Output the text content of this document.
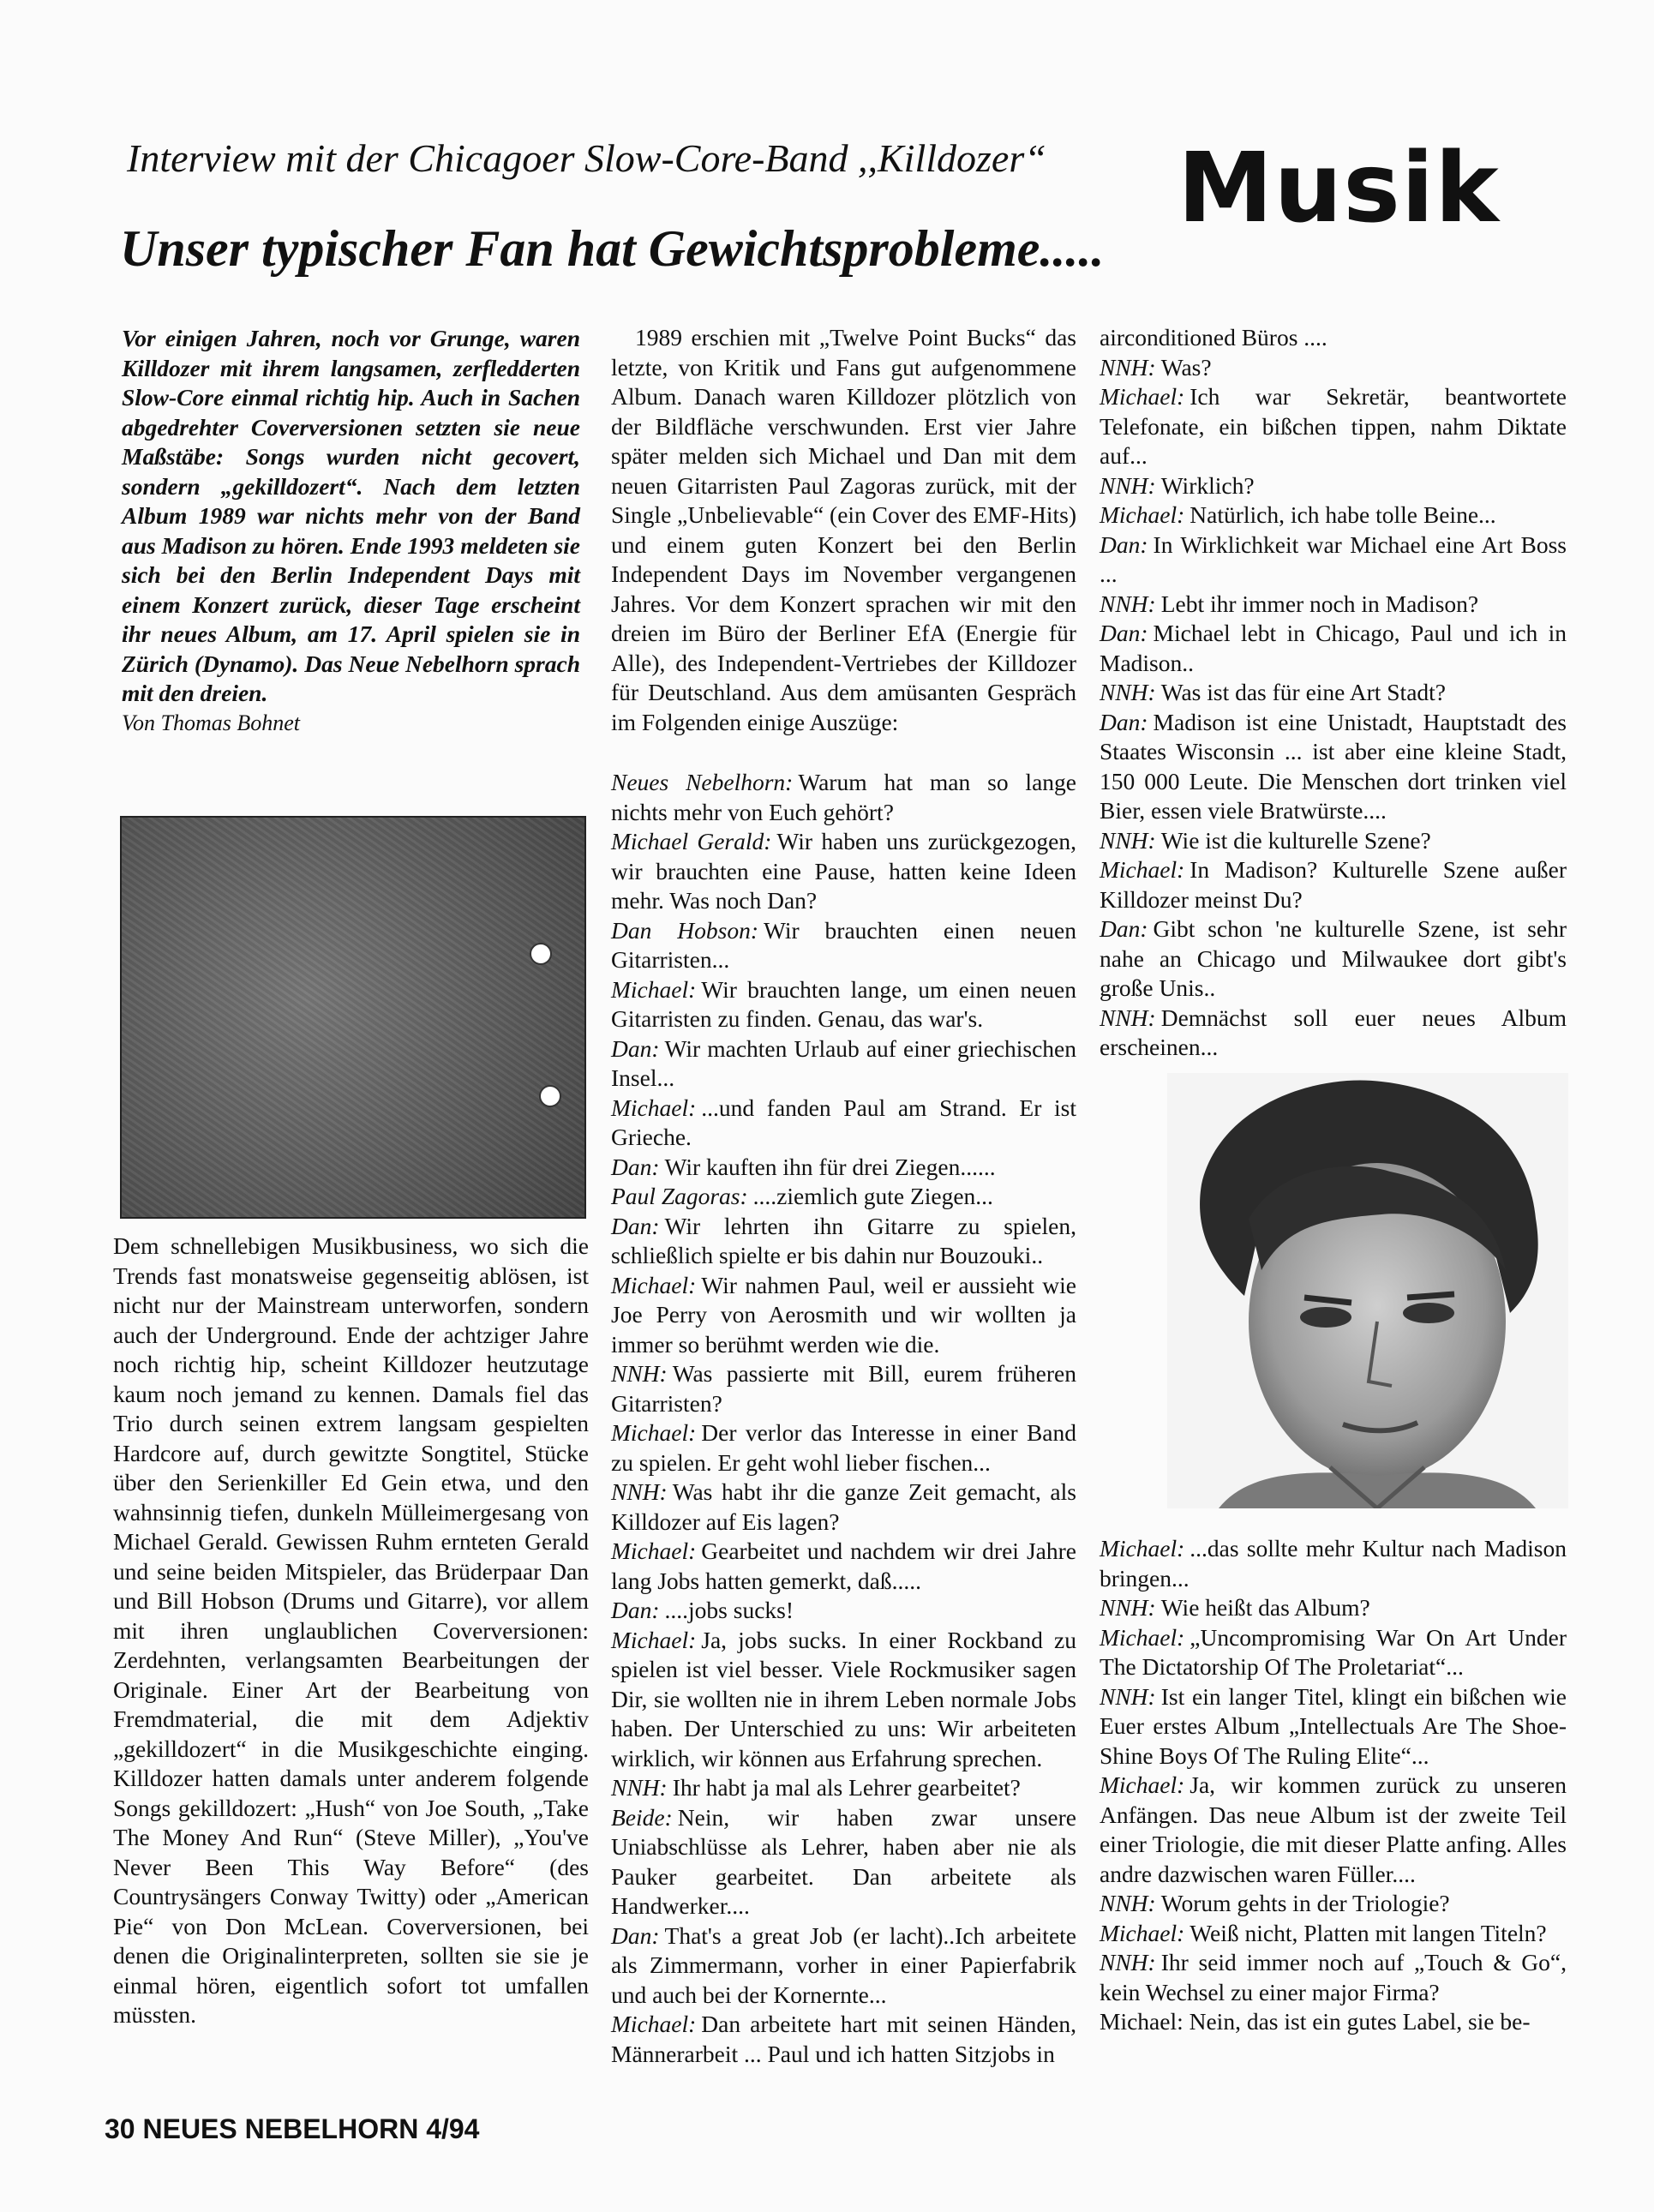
Interview mit der Chicagoer Slow-Core-Band ,,Killdozer“
Unser typischer Fan hat Gewichtsprobleme.....
Musik

Vor einigen Jahren, noch vor Grunge, waren Killdozer mit ihrem langsamen, zerfledderten Slow-Core einmal richtig hip. Auch in Sachen abgedrehter Coverversionen setzten sie neue Maßstäbe: Songs wurden nicht gecovert, sondern „gekilldozert“. Nach dem letzten Album 1989 war nichts mehr von der Band aus Madison zu hören. Ende 1993 meldeten sie sich bei den Berlin Independent Days mit einem Konzert zurück, dieser Tage erscheint ihr neues Album, am 17. April spielen sie in Zürich (Dynamo). Das Neue Nebelhorn sprach mit den dreien.

Von Thomas Bohnet

Dem schnellebigen Musikbusiness, wo sich die Trends fast monatsweise gegenseitig ablösen, ist nicht nur der Mainstream unterworfen, sondern auch der Underground. Ende der achtziger Jahre noch richtig hip, scheint Killdozer heutzutage kaum noch jemand zu kennen. Damals fiel das Trio durch seinen extrem langsam gespielten Hardcore auf, durch gewitzte Songtitel, Stücke über den Serienkiller Ed Gein etwa, und den wahnsinnig tiefen, dunkeln Mülleimergesang von Michael Gerald. Gewissen Ruhm ernteten Gerald und seine beiden Mitspieler, das Brüderpaar Dan und Bill Hobson (Drums und Gitarre), vor allem mit ihren unglaublichen Coverversionen: Zerdehnten, verlangsamten Bearbeitungen der Originale. Einer Art der Bearbeitung von Fremdmaterial, die mit dem Adjektiv „gekilldozert“ in die Musikgeschichte einging. Killdozer hatten damals unter anderem folgende Songs gekilldozert: „Hush“ von Joe South, „Take The Money And Run“ (Steve Miller), „You've Never Been This Way Before“ (des Countrysängers Conway Twitty) oder „American Pie“ von Don McLean. Coverversionen, bei denen die Originalinterpreten, sollten sie sie je einmal hören, eigentlich sofort tot umfallen müssten.

1989 erschien mit „Twelve Point Bucks“ das letzte, von Kritik und Fans gut aufgenommene Album. Danach waren Killdozer plötzlich von der Bildfläche verschwunden. Erst vier Jahre später melden sich Michael und Dan mit dem neuen Gitarristen Paul Zagoras zurück, mit der Single „Unbelievable“ (ein Cover des EMF-Hits) und einem guten Konzert bei den Berlin Independent Days im November vergangenen Jahres. Vor dem Konzert sprachen wir mit den dreien im Büro der Berliner EfA (Energie für Alle), des Independent-Vertriebes der Killdozer für Deutschland. Aus dem amüsanten Gespräch im Folgenden einige Auszüge:

Neues Nebelhorn: Warum hat man so lange nichts mehr von Euch gehört?

Michael Gerald: Wir haben uns zurückgezogen, wir brauchten eine Pause, hatten keine Ideen mehr. Was noch Dan?

Dan Hobson: Wir brauchten einen neuen Gitarristen...

Michael: Wir brauchten lange, um einen neuen Gitarristen zu finden. Genau, das war's.

Dan: Wir machten Urlaub auf einer griechischen Insel...

Michael: ...und fanden Paul am Strand. Er ist Grieche.

Dan: Wir kauften ihn für drei Ziegen......

Paul Zagoras: ....ziemlich gute Ziegen...

Dan: Wir lehrten ihn Gitarre zu spielen, schließlich spielte er bis dahin nur Bouzouki..

Michael: Wir nahmen Paul, weil er aussieht wie Joe Perry von Aerosmith und wir wollten ja immer so berühmt werden wie die.

NNH: Was passierte mit Bill, eurem früheren Gitarristen?

Michael: Der verlor das Interesse in einer Band zu spielen. Er geht wohl lieber fischen...

NNH: Was habt ihr die ganze Zeit gemacht, als Killdozer auf Eis lagen?

Michael: Gearbeitet und nachdem wir drei Jahre lang Jobs hatten gemerkt, daß.....

Dan: ....jobs sucks!

Michael: Ja, jobs sucks. In einer Rockband zu spielen ist viel besser. Viele Rockmusiker sagen Dir, sie wollten nie in ihrem Leben normale Jobs haben. Der Unterschied zu uns: Wir arbeiteten wirklich, wir können aus Erfahrung sprechen.

NNH: Ihr habt ja mal als Lehrer gearbeitet?

Beide: Nein, wir haben zwar unsere Uniabschlüsse als Lehrer, haben aber nie als Pauker gearbeitet. Dan arbeitete als Handwerker....

Dan: That's a great Job (er lacht)..Ich arbeitete als Zimmermann, vorher in einer Papierfabrik und auch bei der Kornernte...

Michael: Dan arbeitete hart mit seinen Händen, Männerarbeit ... Paul und ich hatten Sitzjobs in

airconditioned Büros ....

NNH: Was?

Michael: Ich war Sekretär, beantwortete Telefonate, ein bißchen tippen, nahm Diktate auf...

NNH: Wirklich?

Michael: Natürlich, ich habe tolle Beine...

Dan: In Wirklichkeit war Michael eine Art Boss ...

NNH: Lebt ihr immer noch in Madison?

Dan: Michael lebt in Chicago, Paul und ich in Madison..

NNH: Was ist das für eine Art Stadt?

Dan: Madison ist eine Unistadt, Hauptstadt des Staates Wisconsin ... ist aber eine kleine Stadt, 150 000 Leute. Die Menschen dort trinken viel Bier, essen viele Bratwürste....

NNH: Wie ist die kulturelle Szene?

Michael: In Madison? Kulturelle Szene außer Killdozer meinst Du?

Dan: Gibt schon 'ne kulturelle Szene, ist sehr nahe an Chicago und Milwaukee dort gibt's große Unis..

NNH: Demnächst soll euer neues Album erscheinen...

Michael: ...das sollte mehr Kultur nach Madison bringen...

NNH: Wie heißt das Album?

Michael: „Uncompromising War On Art Under The Dictatorship Of The Proletariat“...

NNH: Ist ein langer Titel, klingt ein bißchen wie Euer erstes Album „Intellectuals Are The Shoe-Shine Boys Of The Ruling Elite“...

Michael: Ja, wir kommen zurück zu unseren Anfängen. Das neue Album ist der zweite Teil einer Triologie, die mit dieser Platte anfing. Alles andre dazwischen waren Füller....

NNH: Worum gehts in der Triologie?

Michael: Weiß nicht, Platten mit langen Titeln?

NNH: Ihr seid immer noch auf „Touch & Go“, kein Wechsel zu einer major Firma?

Michael: Nein, das ist ein gutes Label, sie be-

30 NEUES NEBELHORN 4/94
